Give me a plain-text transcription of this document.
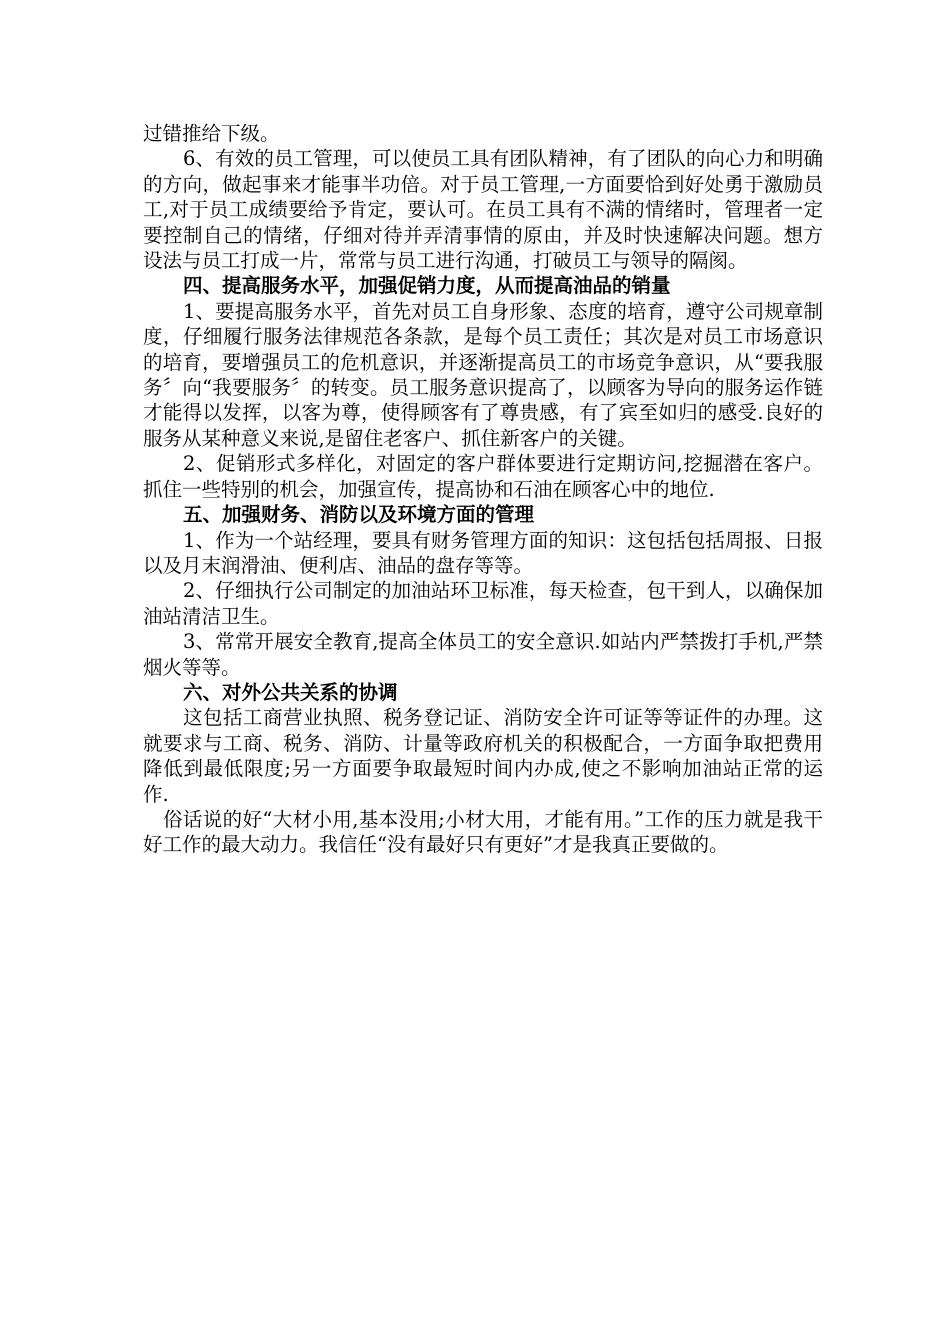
过错推给下级。

6、有效的员工管理，可以使员工具有团队精神，有了团队的向心力和明确的方向，做起事来才能事半功倍。对于员工管理,一方面要恰到好处勇于激励员工,对于员工成绩要给予肯定，要认可。在员工具有不满的情绪时，管理者一定要控制自己的情绪，仔细对待并弄清事情的原由，并及时快速解决问题。想方设法与员工打成一片，常常与员工进行沟通，打破员工与领导的隔阂。

四、提高服务水平，加强促销力度，从而提高油品的销量

1、要提高服务水平，首先对员工自身形象、态度的培育，遵守公司规章制度，仔细履行服务法律规范各条款，是每个员工责任；其次是对员工市场意识的培育，要增强员工的危机意识，并逐渐提高员工的市场竞争意识，从“要我服务〞向“我要服务〞的转变。员工服务意识提高了，以顾客为导向的服务运作链才能得以发挥，以客为尊，使得顾客有了尊贵感，有了宾至如归的感受.良好的服务从某种意义来说,是留住老客户、抓住新客户的关键。

2、促销形式多样化，对固定的客户群体要进行定期访问,挖掘潜在客户。抓住一些特别的机会，加强宣传，提高协和石油在顾客心中的地位.

五、加强财务、消防以及环境方面的管理

1、作为一个站经理，要具有财务管理方面的知识：这包括包括周报、日报以及月末润滑油、便利店、油品的盘存等等。

2、仔细执行公司制定的加油站环卫标准，每天检查，包干到人，以确保加油站清洁卫生。

3、常常开展安全教育,提高全体员工的安全意识.如站内严禁拨打手机,严禁烟火等等。

六、对外公共关系的协调

这包括工商营业执照、税务登记证、消防安全许可证等等证件的办理。这就要求与工商、税务、消防、计量等政府机关的积极配合，一方面争取把费用降低到最低限度;另一方面要争取最短时间内办成,使之不影响加油站正常的运作.

俗话说的好“大材小用,基本没用;小材大用，才能有用。”工作的压力就是我干好工作的最大动力。我信任“没有最好只有更好”才是我真正要做的。
